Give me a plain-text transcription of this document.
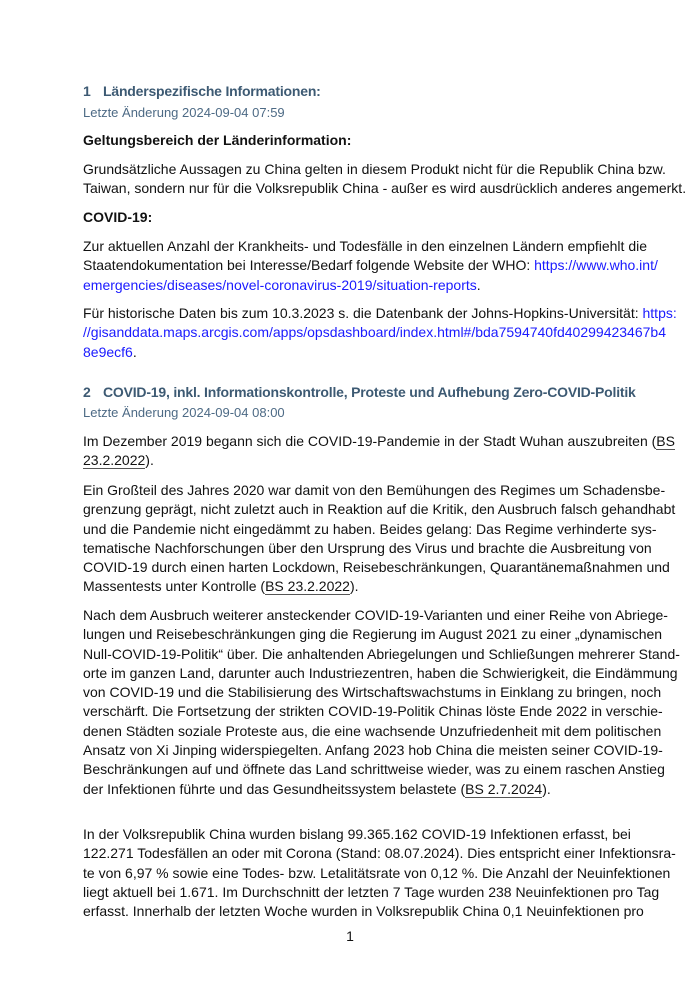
1 Länderspezifische Informationen:
Letzte Änderung 2024-09-04 07:59
Geltungsbereich der Länderinformation:
Grundsätzliche Aussagen zu China gelten in diesem Produkt nicht für die Republik China bzw.
Taiwan, sondern nur für die Volksrepublik China - außer es wird ausdrücklich anderes angemerkt.
COVID-19:
Zur aktuellen Anzahl der Krankheits- und Todesfälle in den einzelnen Ländern empfiehlt die
Staatendokumentation bei Interesse/Bedarf folgende Website der WHO: https://www.who.int/
emergencies/diseases/novel-coronavirus-2019/situation-reports.
Für historische Daten bis zum 10.3.2023 s. die Datenbank der Johns-Hopkins-Universität: https:
//gisanddata.maps.arcgis.com/apps/opsdashboard/index.html#/bda7594740fd40299423467b4
8e9ecf6.
2 COVID-19, inkl. Informationskontrolle, Proteste und Aufhebung Zero-COVID-Politik
Letzte Änderung 2024-09-04 08:00
Im Dezember 2019 begann sich die COVID-19-Pandemie in der Stadt Wuhan auszubreiten (BS
23.2.2022).
Ein Großteil des Jahres 2020 war damit von den Bemühungen des Regimes um Schadensbe-
grenzung geprägt, nicht zuletzt auch in Reaktion auf die Kritik, den Ausbruch falsch gehandhabt
und die Pandemie nicht eingedämmt zu haben. Beides gelang: Das Regime verhinderte sys-
tematische Nachforschungen über den Ursprung des Virus und brachte die Ausbreitung von
COVID-19 durch einen harten Lockdown, Reisebeschränkungen, Quarantänemaßnahmen und
Massentests unter Kontrolle (BS 23.2.2022).
Nach dem Ausbruch weiterer ansteckender COVID-19-Varianten und einer Reihe von Abriege-
lungen und Reisebeschränkungen ging die Regierung im August 2021 zu einer „dynamischen
Null-COVID-19-Politik“ über. Die anhaltenden Abriegelungen und Schließungen mehrerer Stand-
orte im ganzen Land, darunter auch Industriezentren, haben die Schwierigkeit, die Eindämmung
von COVID-19 und die Stabilisierung des Wirtschaftswachstums in Einklang zu bringen, noch
verschärft. Die Fortsetzung der strikten COVID-19-Politik Chinas löste Ende 2022 in verschie-
denen Städten soziale Proteste aus, die eine wachsende Unzufriedenheit mit dem politischen
Ansatz von Xi Jinping widerspiegelten. Anfang 2023 hob China die meisten seiner COVID-19-
Beschränkungen auf und öffnete das Land schrittweise wieder, was zu einem raschen Anstieg
der Infektionen führte und das Gesundheitssystem belastete (BS 2.7.2024).
In der Volksrepublik China wurden bislang 99.365.162 COVID-19 Infektionen erfasst, bei
122.271 Todesfällen an oder mit Corona (Stand: 08.07.2024). Dies entspricht einer Infektionsra-
te von 6,97 % sowie eine Todes- bzw. Letalitätsrate von 0,12 %. Die Anzahl der Neuinfektionen
liegt aktuell bei 1.671. Im Durchschnitt der letzten 7 Tage wurden 238 Neuinfektionen pro Tag
erfasst. Innerhalb der letzten Woche wurden in Volksrepublik China 0,1 Neuinfektionen pro
1
